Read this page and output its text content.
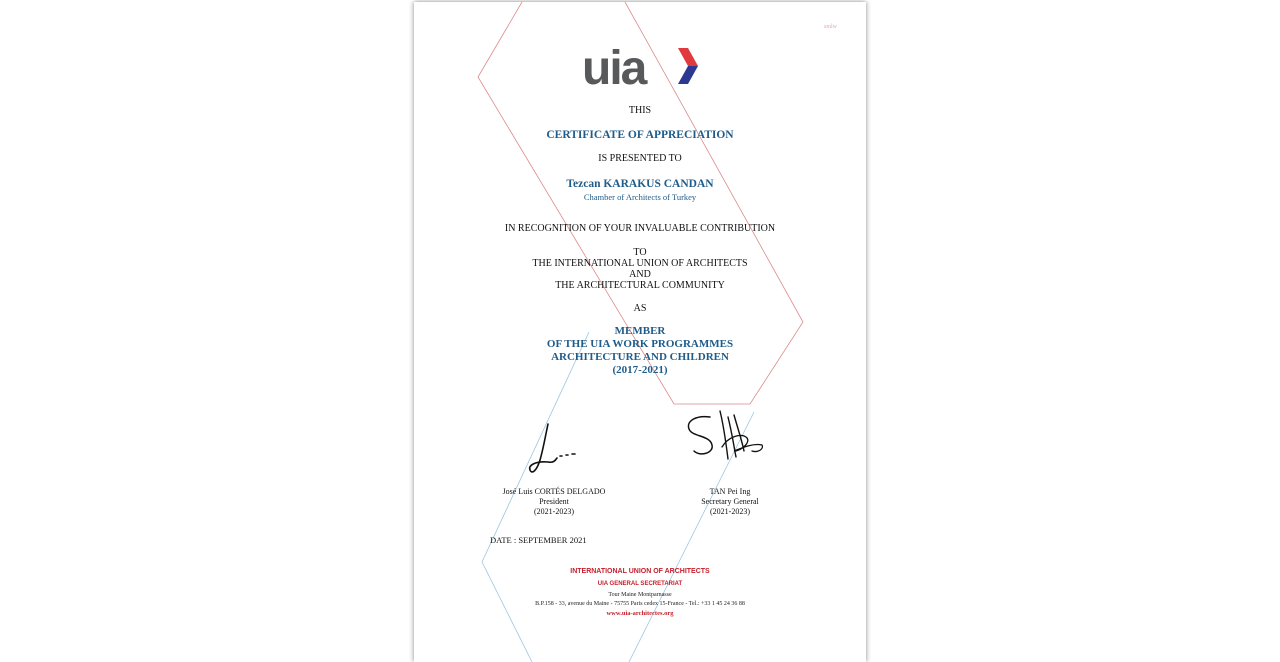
smlw
uia
THIS
CERTIFICATE OF APPRECIATION
IS PRESENTED TO
Tezcan KARAKUS CANDAN
Chamber of Architects of Turkey
IN RECOGNITION OF YOUR INVALUABLE CONTRIBUTION
TO
THE INTERNATIONAL UNION OF ARCHITECTS
AND
THE ARCHITECTURAL COMMUNITY
AS
MEMBER
OF THE UIA WORK PROGRAMMES
ARCHITECTURE AND CHILDREN
(2017-2021)
José Luis CORTÉS DELGADO
President
(2021-2023)
TAN Pei Ing
Secretary General
(2021-2023)
DATE : SEPTEMBER 2021
INTERNATIONAL UNION OF ARCHITECTS
UIA GENERAL SECRETARIAT
Tour Maine Montparnasse
B.P.158 - 33, avenue du Maine - 75755 Paris cedex 15-France - Tel.: +33 1 45 24 36 88
www.uia-architectes.org
